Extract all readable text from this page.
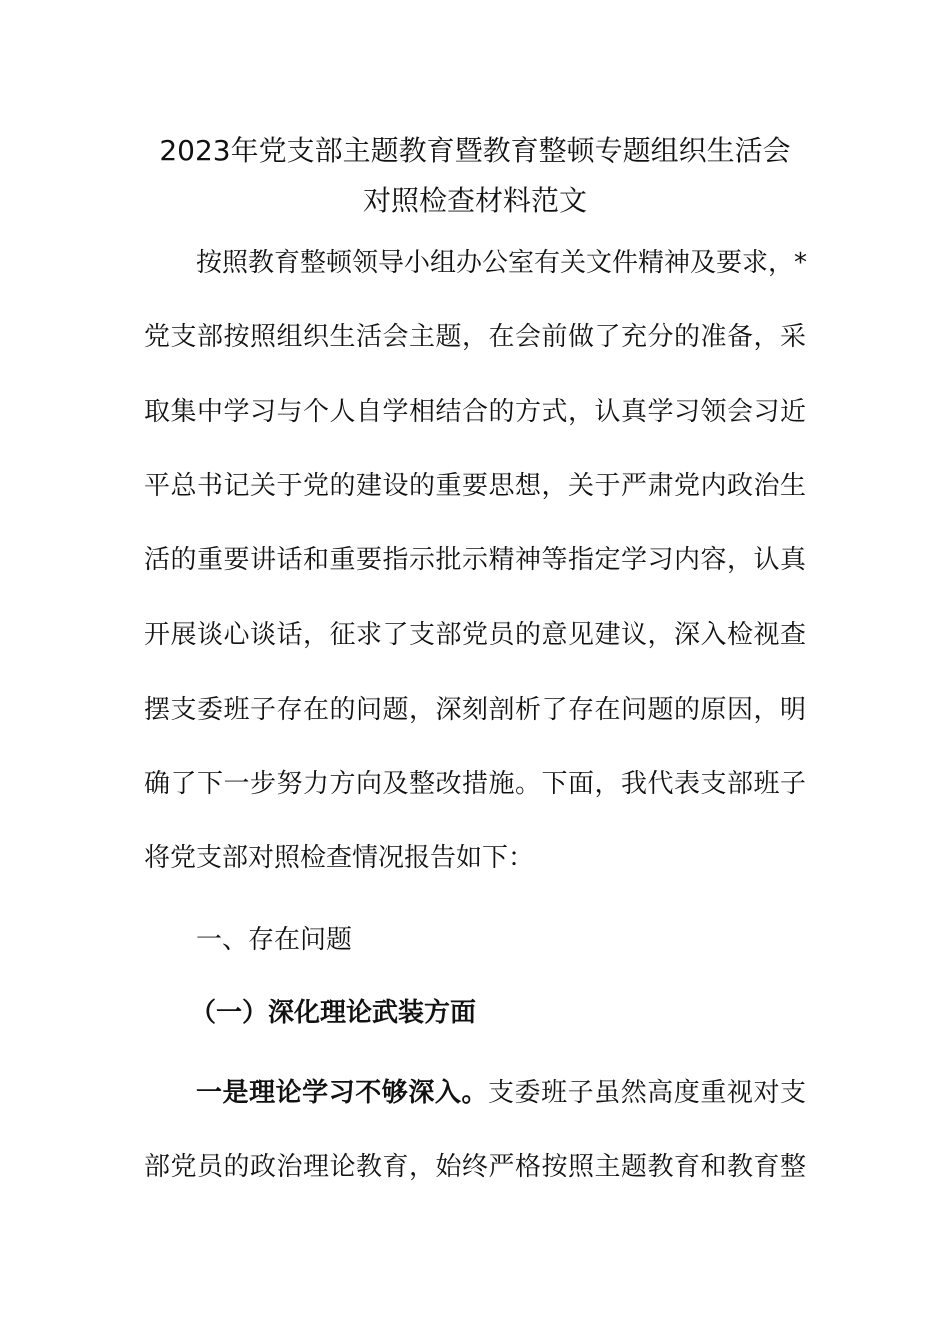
2023年党支部主题教育暨教育整顿专题组织生活会
对照检查材料范文
按照教育整顿领导小组办公室有关文件精神及要求，*
党支部按照组织生活会主题，在会前做了充分的准备，采
取集中学习与个人自学相结合的方式，认真学习领会习近
平总书记关于党的建设的重要思想，关于严肃党内政治生
活的重要讲话和重要指示批示精神等指定学习内容，认真
开展谈心谈话，征求了支部党员的意见建议，深入检视查
摆支委班子存在的问题，深刻剖析了存在问题的原因，明
确了下一步努力方向及整改措施。下面，我代表支部班子
将党支部对照检查情况报告如下：
一、存在问题
（一）深化理论武装方面
一是理论学习不够深入。支委班子虽然高度重视对支
部党员的政治理论教育，始终严格按照主题教育和教育整
